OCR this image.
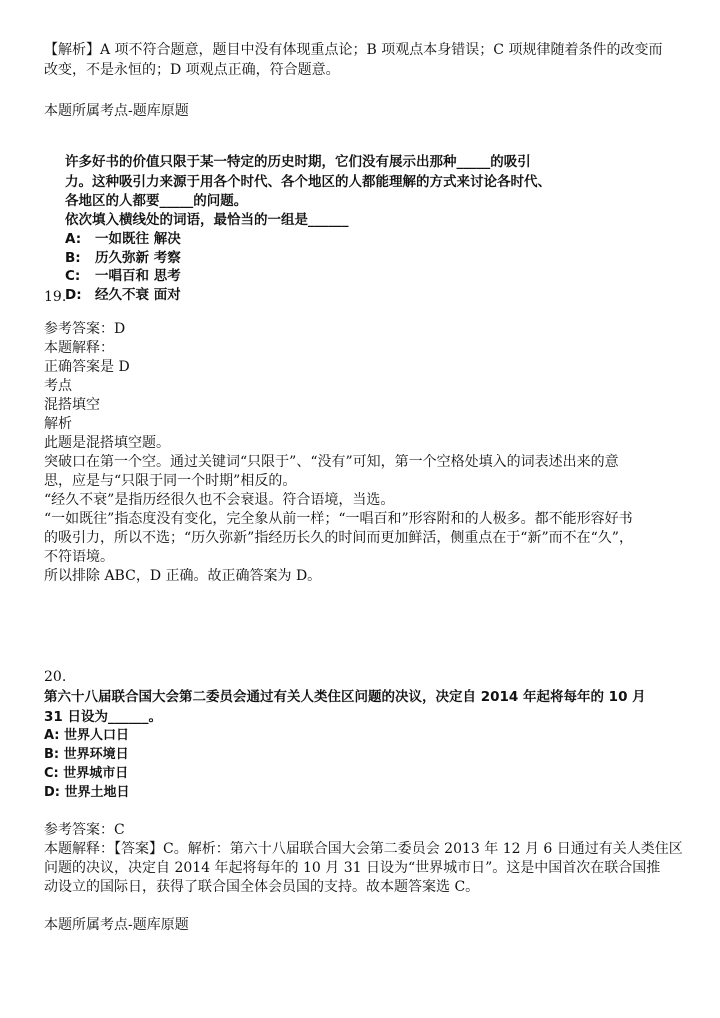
【解析】A 项不符合题意，题目中没有体现重点论；B 项观点本身错误；C 项规律随着条件的改变而
改变，不是永恒的；D 项观点正确，符合题意。
本题所属考点-题库原题
许多好书的价值只限于某一特定的历史时期，它们没有展示出那种_____的吸引
力。这种吸引力来源于用各个时代、各个地区的人都能理解的方式来讨论各时代、
各地区的人都要_____的问题。
依次填入横线处的词语，最恰当的一组是______
A: 一如既往 解决
B: 历久弥新 考察
C: 一唱百和 思考
19.
D: 经久不衰 面对
参考答案：D
本题解释：
正确答案是 D
考点
混搭填空
解析
此题是混搭填空题。
突破口在第一个空。通过关键词“只限于”、“没有”可知，第一个空格处填入的词表述出来的意
思，应是与“只限于同一个时期”相反的。
“经久不衰”是指历经很久也不会衰退。符合语境，当选。
“一如既往”指态度没有变化，完全象从前一样；“一唱百和”形容附和的人极多。都不能形容好书
的吸引力，所以不选；“历久弥新”指经历长久的时间而更加鲜活，侧重点在于“新”而不在“久”，
不符语境。
所以排除 ABC，D 正确。故正确答案为 D。
20.
第六十八届联合国大会第二委员会通过有关人类住区问题的决议，决定自 2014 年起将每年的 10 月
31 日设为______。
A: 世界人口日
B: 世界环境日
C: 世界城市日
D: 世界土地日
参考答案：C
本题解释：【答案】C。解析：第六十八届联合国大会第二委员会 2013 年 12 月 6 日通过有关人类住区
问题的决议，决定自 2014 年起将每年的 10 月 31 日设为“世界城市日”。这是中国首次在联合国推
动设立的国际日，获得了联合国全体会员国的支持。故本题答案选 C。
本题所属考点-题库原题
